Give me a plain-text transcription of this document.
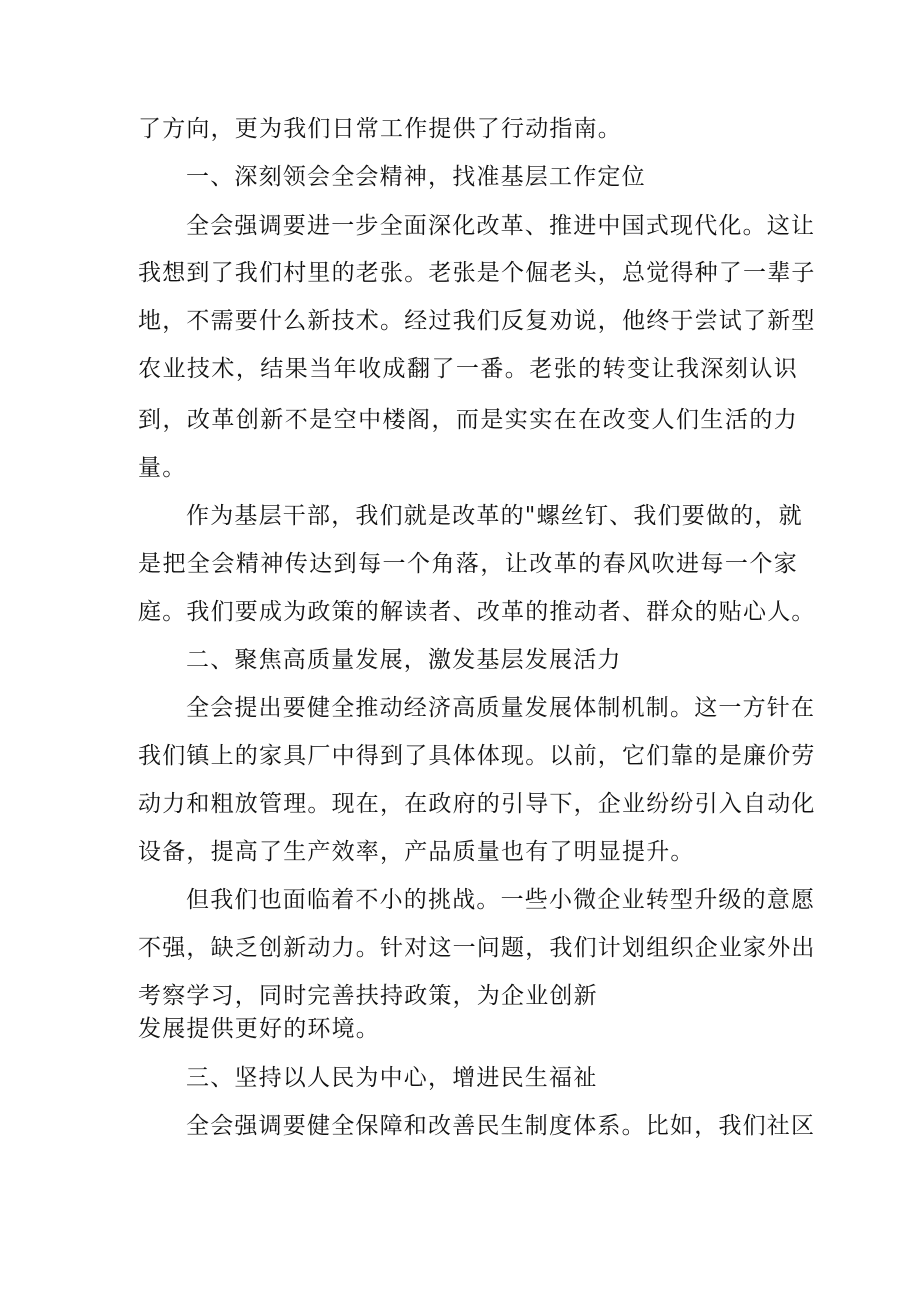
了方向，更为我们日常工作提供了行动指南。
一、深刻领会全会精神，找准基层工作定位
全会强调要进一步全面深化改革、推进中国式现代化。这让
我想到了我们村里的老张。老张是个倔老头，总觉得种了一辈子
地，不需要什么新技术。经过我们反复劝说，他终于尝试了新型
农业技术，结果当年收成翻了一番。老张的转变让我深刻认识
到，改革创新不是空中楼阁，而是实实在在改变人们生活的力
量。
作为基层干部，我们就是改革的"螺丝钉、我们要做的，就
是把全会精神传达到每一个角落，让改革的春风吹进每一个家
庭。我们要成为政策的解读者、改革的推动者、群众的贴心人。
二、聚焦高质量发展，激发基层发展活力
全会提出要健全推动经济高质量发展体制机制。这一方针在
我们镇上的家具厂中得到了具体体现。以前，它们靠的是廉价劳
动力和粗放管理。现在，在政府的引导下，企业纷纷引入自动化
设备，提高了生产效率，产品质量也有了明显提升。
但我们也面临着不小的挑战。一些小微企业转型升级的意愿
不强，缺乏创新动力。针对这一问题，我们计划组织企业家外出
考察学习，同时完善扶持政策，为企业创新
发展提供更好的环境。
三、坚持以人民为中心，增进民生福祉
全会强调要健全保障和改善民生制度体系。比如，我们社区
